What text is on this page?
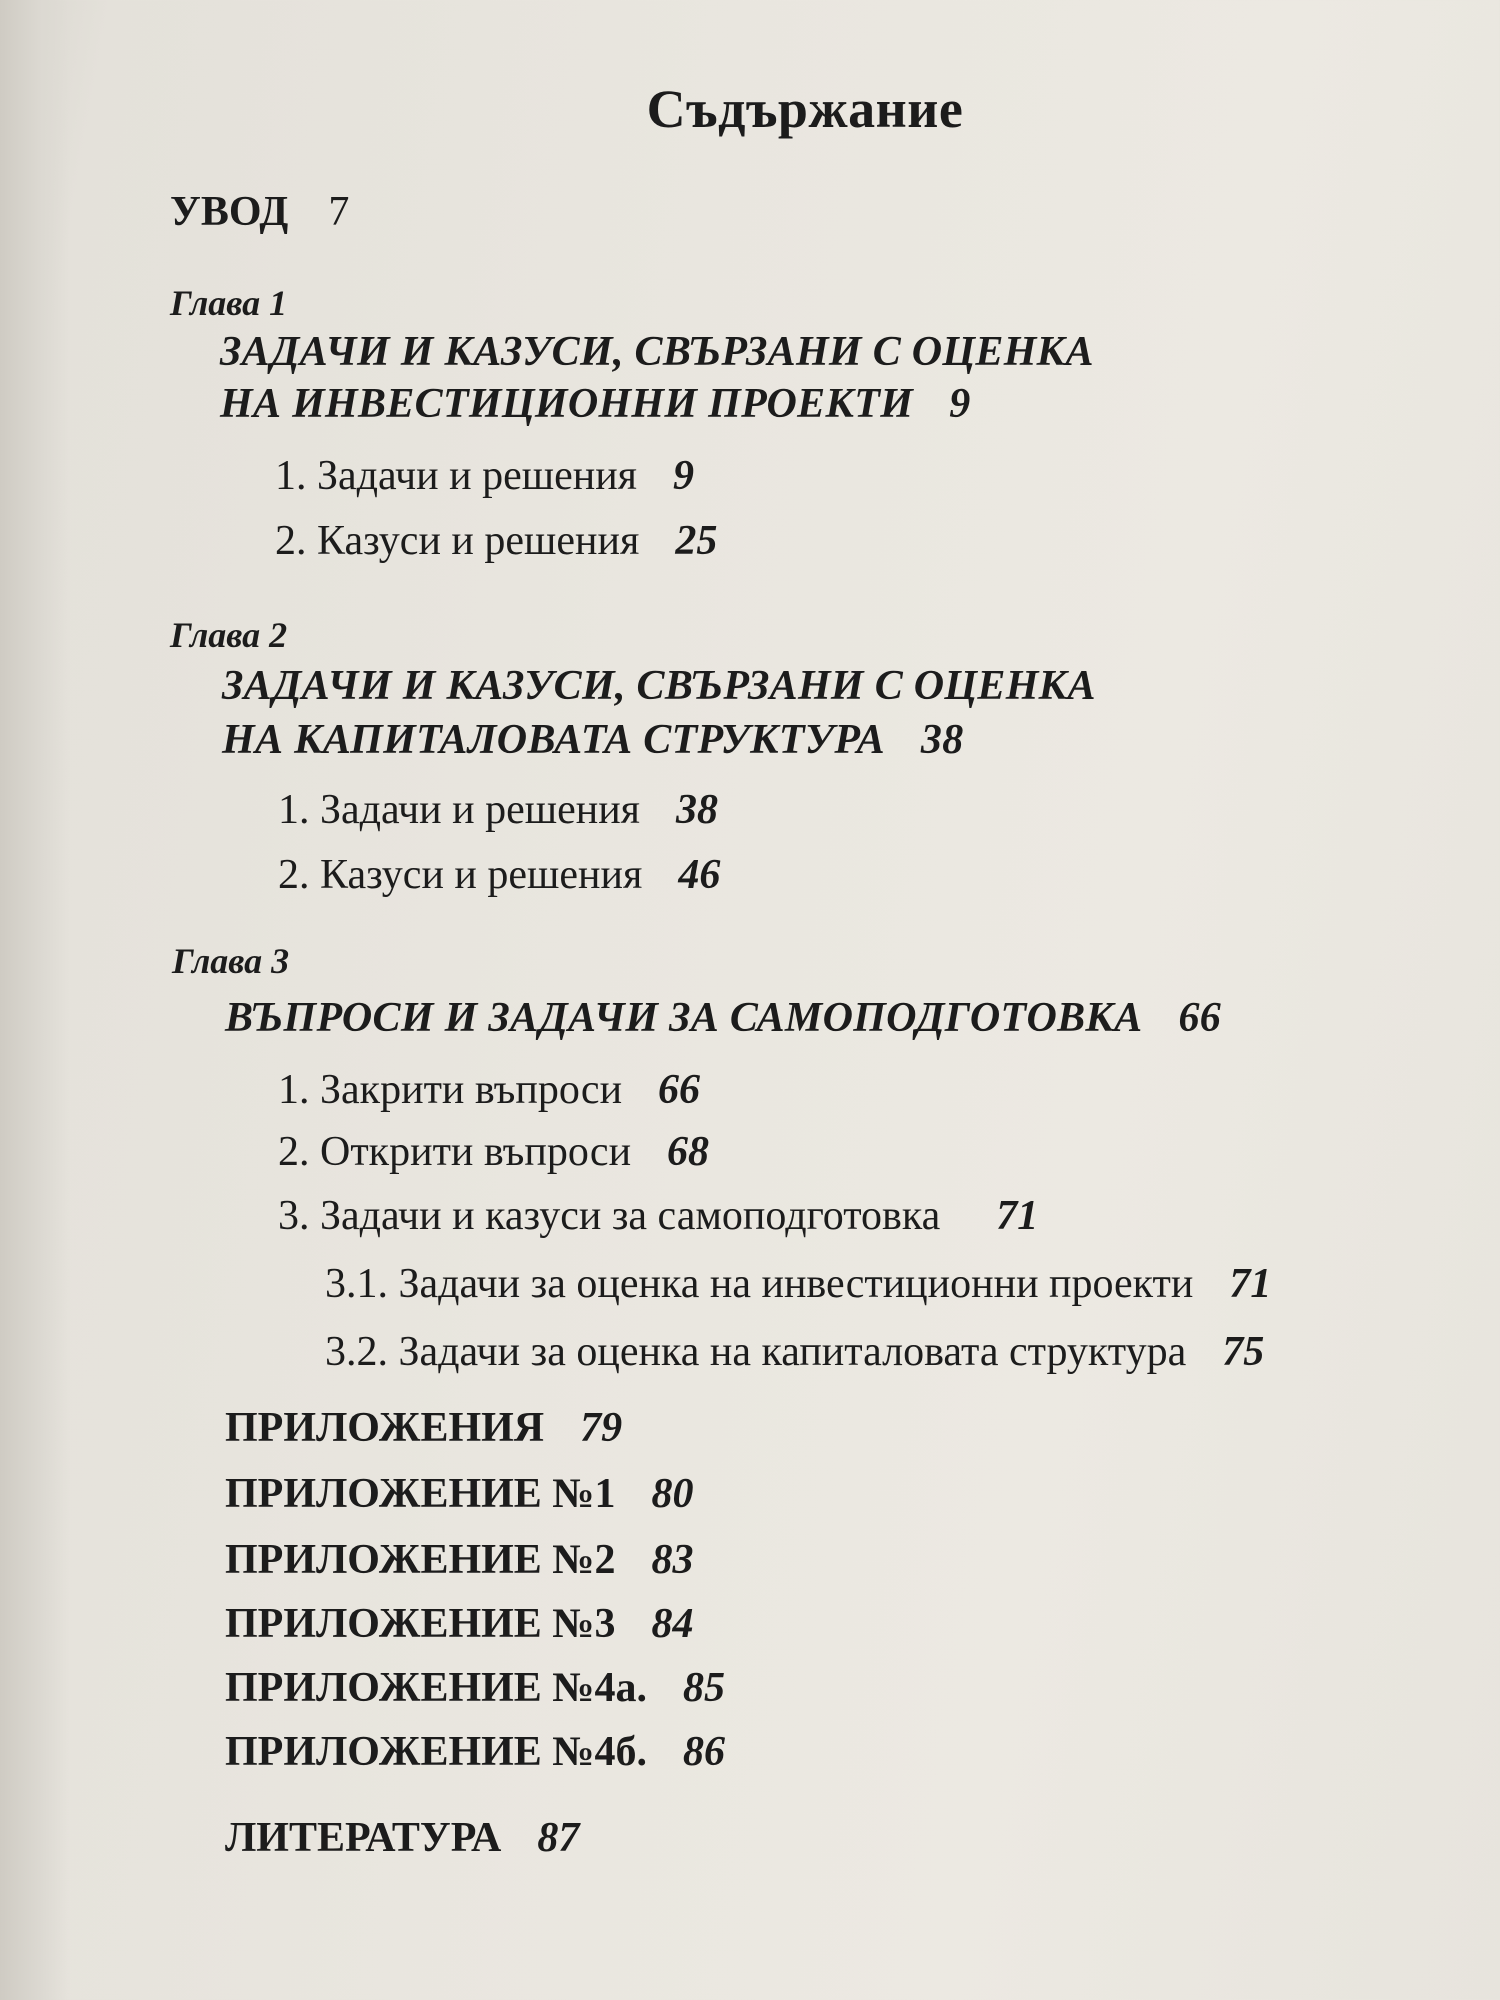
Съдържание
УВОД 7
Глава 1
ЗАДАЧИ И КАЗУСИ, СВЪРЗАНИ С ОЦЕНКА
НА ИНВЕСТИЦИОННИ ПРОЕКТИ 9
1. Задачи и решения 9
2. Казуси и решения 25
Глава 2
ЗАДАЧИ И КАЗУСИ, СВЪРЗАНИ С ОЦЕНКА
НА КАПИТАЛОВАТА СТРУКТУРА 38
1. Задачи и решения 38
2. Казуси и решения 46
Глава 3
ВЪПРОСИ И ЗАДАЧИ ЗА САМОПОДГОТОВКА 66
1. Закрити въпроси 66
2. Открити въпроси 68
3. Задачи и казуси за самоподготовка 71
3.1. Задачи за оценка на инвестиционни проекти 71
3.2. Задачи за оценка на капиталовата структура 75
ПРИЛОЖЕНИЯ 79
ПРИЛОЖЕНИЕ №1 80
ПРИЛОЖЕНИЕ №2 83
ПРИЛОЖЕНИЕ №3 84
ПРИЛОЖЕНИЕ №4а. 85
ПРИЛОЖЕНИЕ №4б. 86
ЛИТЕРАТУРА 87
